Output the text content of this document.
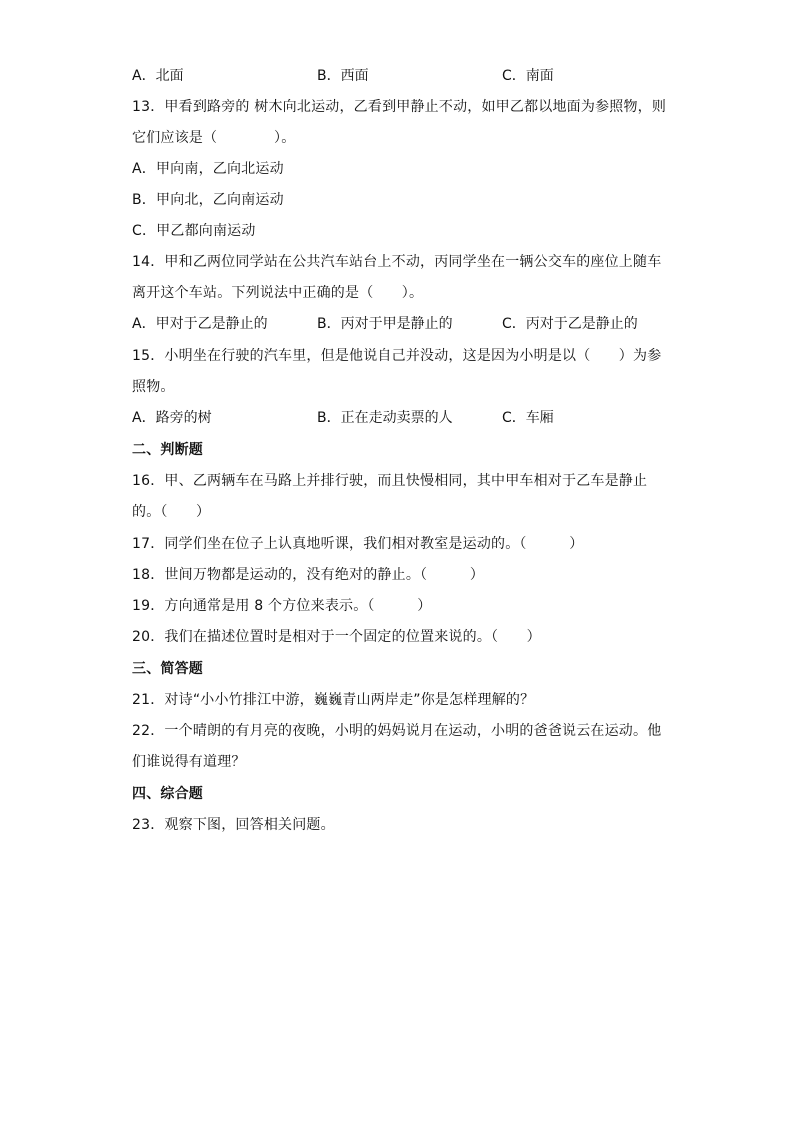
A．北面	B．西面	C．南面
13．甲看到路旁的 树木向北运动，乙看到甲静止不动，如甲乙都以地面为参照物，则
它们应该是（　　　　）。
A．甲向南，乙向北运动
B．甲向北，乙向南运动
C．甲乙都向南运动
14．甲和乙两位同学站在公共汽车站台上不动，丙同学坐在一辆公交车的座位上随车
离开这个车站。下列说法中正确的是（　　）。
A．甲对于乙是静止的	B．丙对于甲是静止的	C．丙对于乙是静止的
15．小明坐在行驶的汽车里，但是他说自己并没动，这是因为小明是以（　　）为参
照物。
A．路旁的树	B．正在走动卖票的人	C．车厢
二、判断题
16．甲、乙两辆车在马路上并排行驶，而且快慢相同，其中甲车相对于乙车是静止
的。（　　）
17．同学们坐在位子上认真地听课，我们相对教室是运动的。（　　　）
18．世间万物都是运动的，没有绝对的静止。（　　　）
19．方向通常是用 8 个方位来表示。（　　　）
20．我们在描述位置时是相对于一个固定的位置来说的。（　　）
三、简答题
21．对诗“小小竹排江中游，巍巍青山两岸走”你是怎样理解的？
22．一个晴朗的有月亮的夜晚，小明的妈妈说月在运动，小明的爸爸说云在运动。他
们谁说得有道理？
四、综合题
23．观察下图，回答相关问题。
